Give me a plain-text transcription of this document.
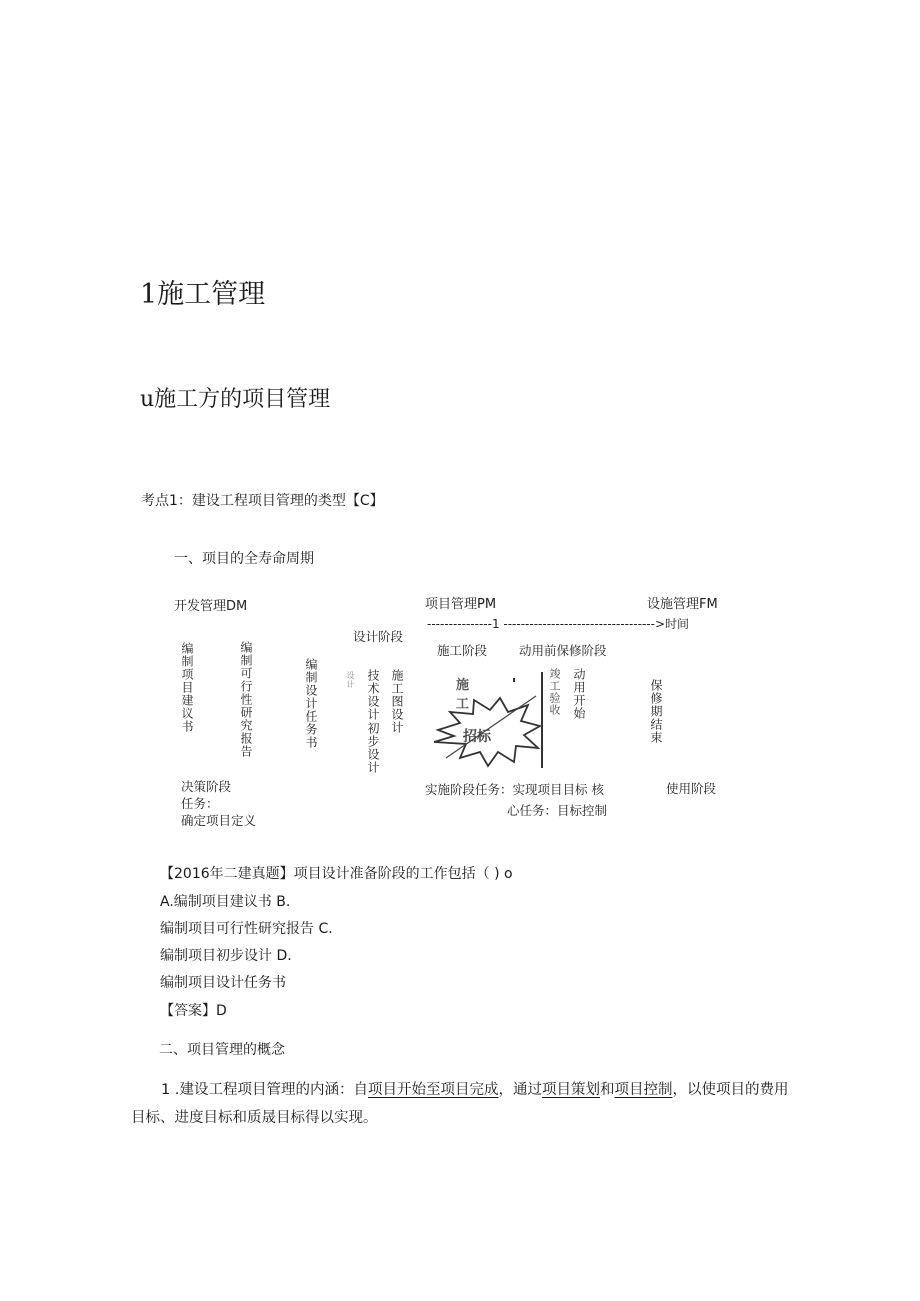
1施工管理
u施工方的项目管理
考点1：建设工程项目管理的类型【C】
一、项目的全寿命周期
开发管理DM	项目管理PM	设施管理FM
---------------1 ----------------------------------->时间
设计阶段
施工阶段	动用前保修阶段
编制项目建议书	编制可行性研究报告	编制设计任务书	设计
初步设计
技术设计 施工图设计	竣工验收 动用开始	保修期结束
施
工
招标
决策阶段
任务：
确定项目定义
实施阶段任务：实现项目目标 核
心任务：目标控制
使用阶段
【2016年二建真题】项目设计准备阶段的工作包括（ ) o
A.编制项目建议书 B.
编制项目可行性研究报告 C.
编制项目初步设计 D.
编制项目设计任务书
【答案】D
二、项目管理的概念
1 .建设工程项目管理的内涵：自项目开始至项目完成，通过项目策划和项目控制，以使项目的费用目标、进度目标和质晟目标得以实现。
